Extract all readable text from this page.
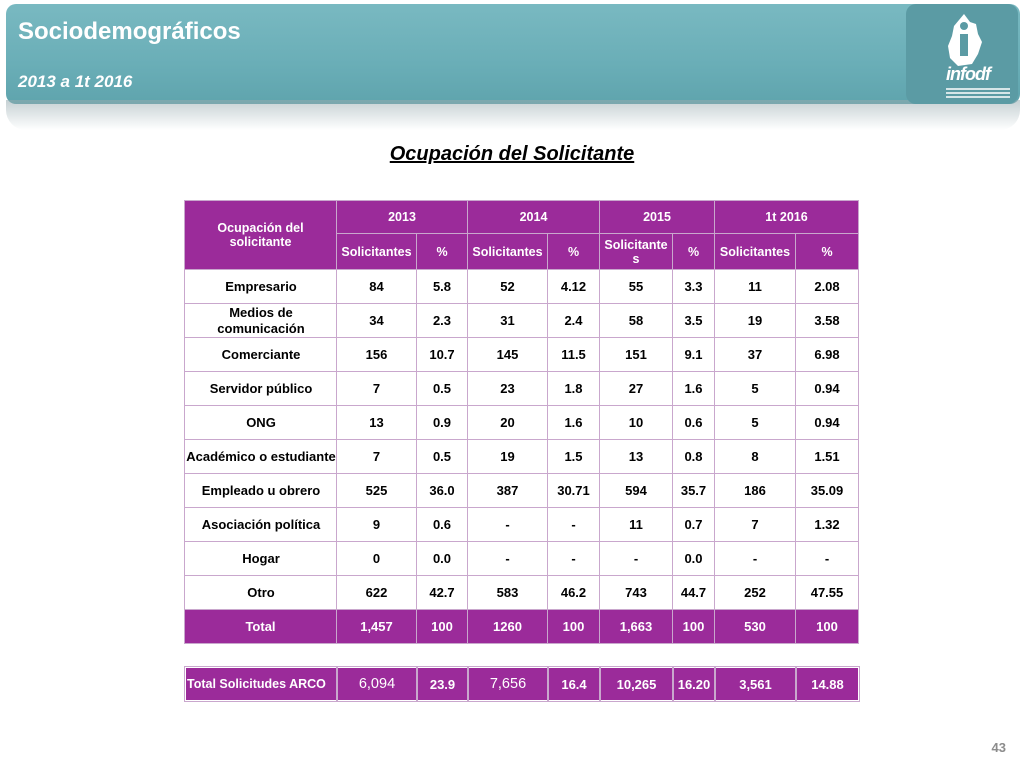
Sociodemográficos
2013 a 1t 2016	infodf
Ocupación del Solicitante
Ocupación del solicitante	2013		2014		2015		1t 2016	
	Solicitantes	%	Solicitantes	%	Solicitante s	%	Solicitantes	%
Empresario	84	5.8	52	4.12	55	3.3	11	2.08
Medios de comunicación	34	2.3	31	2.4	58	3.5	19	3.58
Comerciante	156	10.7	145	11.5	151	9.1	37	6.98
Servidor público	7	0.5	23	1.8	27	1.6	5	0.94
ONG	13	0.9	20	1.6	10	0.6	5	0.94
Académico o estudiante	7	0.5	19	1.5	13	0.8	8	1.51
Empleado u obrero	525	36.0	387	30.71	594	35.7	186	35.09
Asociación política	9	0.6	-	-	11	0.7	7	1.32
Hogar	0	0.0	-	-	-	0.0	-	-
Otro	622	42.7	583	46.2	743	44.7	252	47.55
Total	1,457	100	1260	100	1,663	100	530	100
Total Solicitudes ARCO	6,094	23.9	7,656	16.4	10,265	16.20	3,561	14.88
43
